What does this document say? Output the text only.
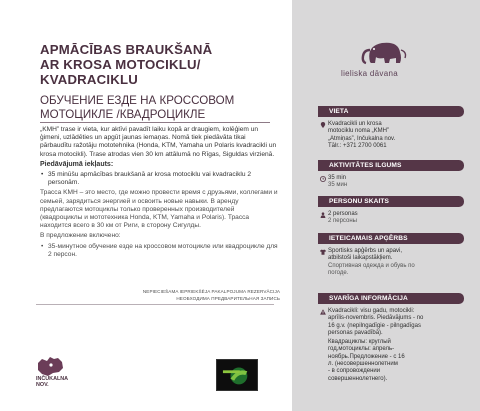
APMĀCĪBAS BRAUKŠANĀ
AR KROSA MOTOCIKLU/
KVADRACIKLU
ОБУЧЕНИЕ ЕЗДЕ НА КРОССОВОМ
МОТОЦИКЛЕ /КВАДРОЦИКЛЕ

„KMH” trase ir vieta, kur aktīvi pavadīt laiku kopā ar draugiem, kolēģiem un ģimeni, uzlādēties un apgūt jaunas iemaņas. Nomā tiek piedāvāta tikai pārbaudītu ražotāju mototehnika (Honda, KTM, Yamaha un Polaris kvadracikli un krosa motocikli). Trase atrodas vien 30 km attālumā no Rīgas, Siguldas virzienā.

Piedāvājumā iekļauts:

• 35 minūšu apmācības braukšanā ar krosa motociklu vai kvadraciklu 2 personām.

Трасса KMH – это место, где можно провести время с друзьями, коллегами и семьей, зарядиться энергией и освоить новые навыки. В аренду предлагаются мотоциклы только проверенных производителей (квадроциклы и мототехника Honda, KTM, Yamaha и Polaris). Трасса находится всего в 30 км от Риги, в сторону Сигулды.

В предложение включено:

• 35-минутное обучение езде на кроссовом мотоцикле или квадроцикле для 2 персон.
NEPIECIEŠAMA IEPRIEKŠĒJA PAKALPOJUMA REZERVĀCIJA
НЕОБХОДИМА ПРЕДВАРИТЕЛЬНАЯ ЗАПИСЬ
INČUKALNA
NOV.
lieliska dāvana
VIETA
Kvadracikli un krosa
motociklu noma „KMH”
„Atmiņas”, Inčukalna nov.
Tālr.: +371 2700 0061
AKTIVITĀTES ILGUMS
35 min
35 мин
PERSONU SKAITS
2 personas
2 персоны
IETEICAMAIS APĢĒRBS
Sportisks apģērbs un apavi,
atbilstoši laikapstākļiem.
Спортивная одежда и обувь по
погоде.
SVARĪGA INFORMĀCIJA
Kvadracikli: visu gadu, motocikli:
aprīlis-novembris. Piedāvājums - no
16 g.v. (nepilngadīgie - pilngadīgas
personas pavadībā).
Квадрациклы: круглый
год,мотоциклы: апрель-
ноябрь.Предложение - с 16
л. (несовершеннолетним
- в сопровождении
совершеннолетнего).
